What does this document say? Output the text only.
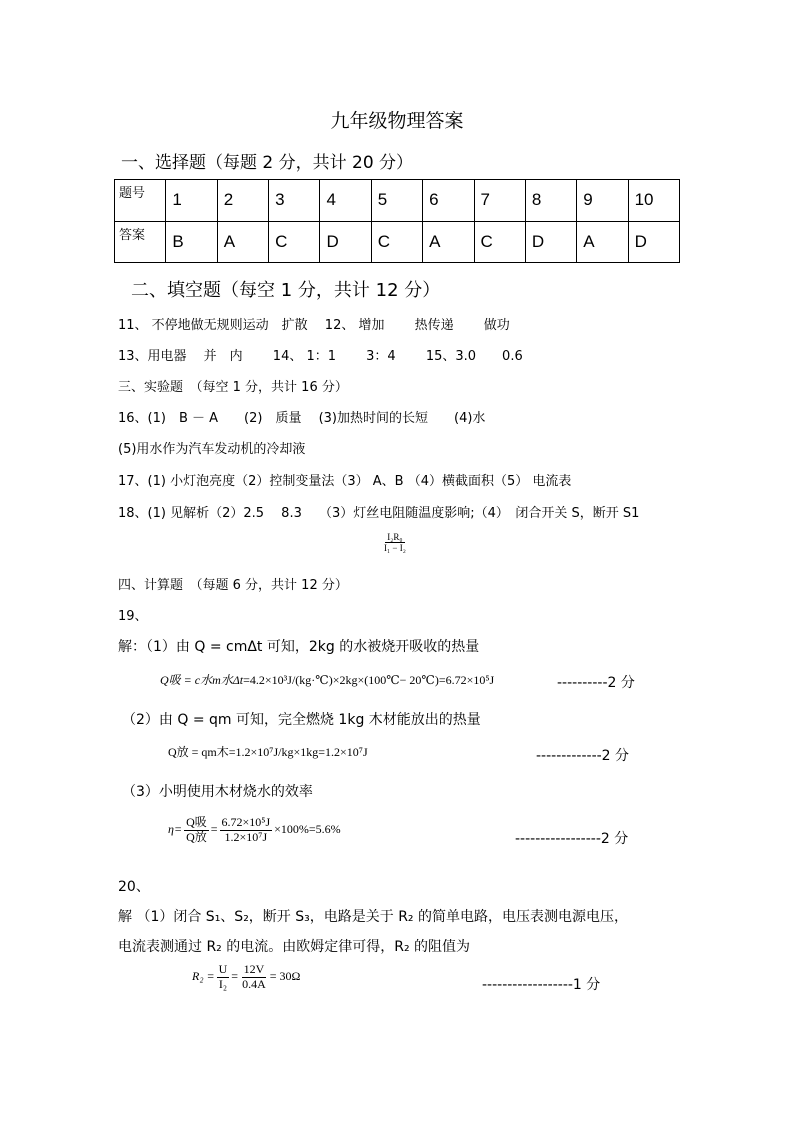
九年级物理答案
一、选择题（每题 2 分，共计 20 分）
题号	1	2	3	4	5	6	7	8	9	10
答案	B	A	C	D	C	A	C	D	A	D
二、填空题（每空 1 分，共计 12 分）
11、 不停地做无规则运动　扩散　 12、 增加　　 热传递　　 做功
13、用电器　 并　内　　 14、 1：1　　 3：4　　 15、3.0　　0.6
三、实验题　（每空 1 分，共计 16 分）
16、(1)　B － A　　(2)　质量　 (3)加热时间的长短　　(4)水
(5)用水作为汽车发动机的冷却液
17、(1) 小灯泡亮度（2）控制变量法（3） A、B （4）横截面积（5） 电流表
18、(1) 见解析（2）2.5　 8.3　 （3）灯丝电阻随温度影响;（4）　闭合开关 S，断开 S1
$\frac{\text{I₂R₀}}{\text{I₁ − I₂}}$
四、计算题　（每题 6 分，共计 12 分）
19、
解：（1）由 Q = cmΔt 可知，2kg 的水被烧开吸收的热量
Q吸 = c水m水Δt=4.2×10³J/(kg·℃)×2kg×(100℃− 20℃)=6.72×10⁵J	----------2 分
（2）由 Q = qm 可知，完全燃烧 1kg 木材能放出的热量
Q放 = qm木=1.2×10⁷J/kg×1kg=1.2×10⁷J	-------------2 分
（3）小明使用木材烧水的效率
$\eta= \frac{\text{Q吸}}{\text{Q放}} = \frac{\text{6.72×10⁵J}}{\text{1.2×10⁷J}} \times 100\%=5.6\%$
-----------------2 分
20、
解 （1）闭合 S₁、S₂，断开 S₃，电路是关于 R₂ 的简单电路，电压表测电源电压，
电流表测通过 R₂ 的电流。由欧姆定律可得，R₂ 的阻值为
$R_2 = \frac{U}{\text{I₂}} = \frac{12V}{0.4A} = 30\Omega$
------------------1 分
